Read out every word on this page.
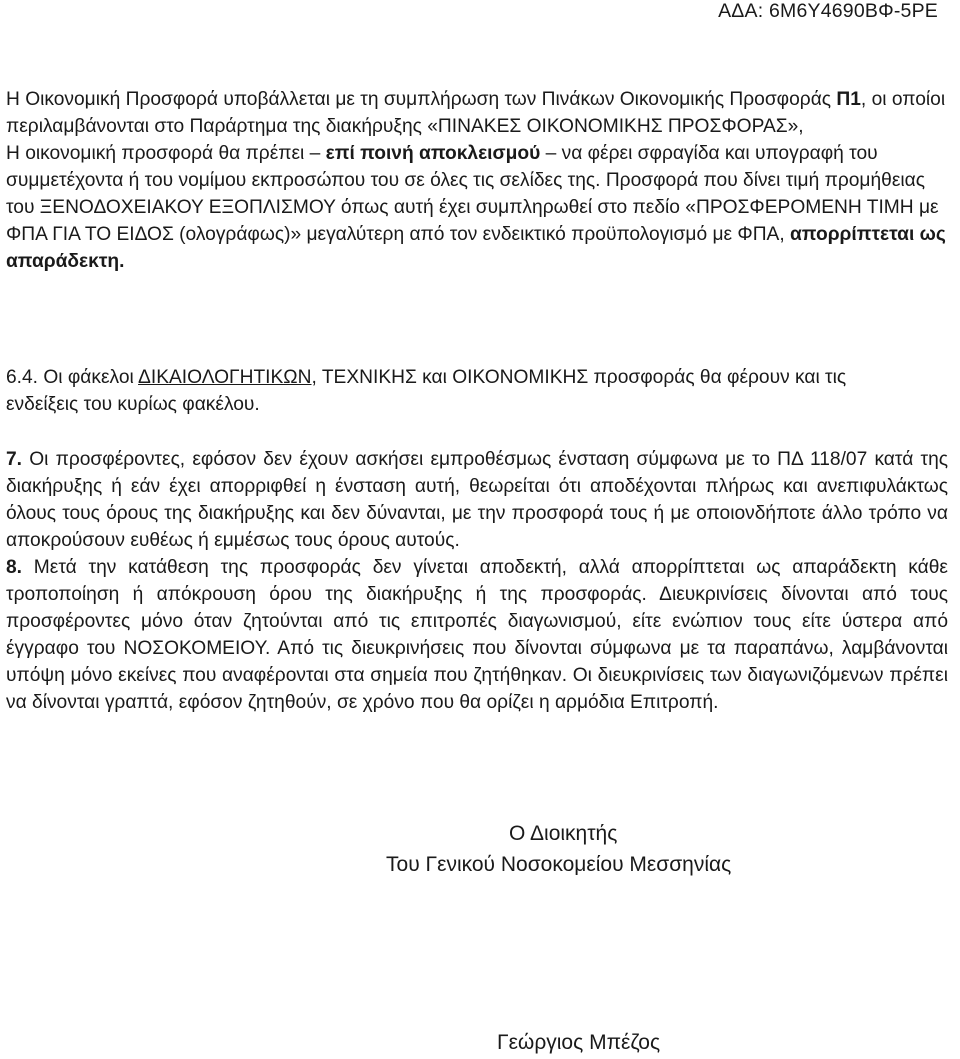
ΑΔΑ: 6Μ6Υ4690ΒΦ-5ΡΕ

Η Οικονομική Προσφορά υποβάλλεται με τη συμπλήρωση των Πινάκων Οικονομικής Προσφοράς Π1, οι οποίοι περιλαμβάνονται στο Παράρτημα της διακήρυξης «ΠΙΝΑΚΕΣ ΟΙΚΟΝΟΜΙΚΗΣ ΠΡΟΣΦΟΡΑΣ»,
Η οικονομική προσφορά θα πρέπει – επί ποινή αποκλεισμού – να φέρει σφραγίδα και υπογραφή του συμμετέχοντα ή του νομίμου εκπροσώπου του σε όλες τις σελίδες της. Προσφορά που δίνει τιμή προμήθειας του ΞΕΝΟΔΟΧΕΙΑΚΟΥ ΕΞΟΠΛΙΣΜΟΥ όπως αυτή έχει συμπληρωθεί στο πεδίο «ΠΡΟΣΦΕΡΟΜΕΝΗ ΤΙΜΗ με ΦΠΑ ΓΙΑ ΤΟ ΕΙΔΟΣ (ολογράφως)» μεγαλύτερη από τον ενδεικτικό προϋπολογισμό με ΦΠΑ, απορρίπτεται ως απαράδεκτη.

6.4. Οι φάκελοι ΔΙΚΑΙΟΛΟΓΗΤΙΚΩΝ, ΤΕΧΝΙΚΗΣ και ΟΙΚΟΝΟΜΙΚΗΣ προσφοράς θα φέρουν και τις ενδείξεις του κυρίως φακέλου.

7. Οι προσφέροντες, εφόσον δεν έχουν ασκήσει εμπροθέσμως ένσταση σύμφωνα με το ΠΔ 118/07 κατά της διακήρυξης ή εάν έχει απορριφθεί η ένσταση αυτή, θεωρείται ότι αποδέχονται πλήρως και ανεπιφυλάκτως όλους τους όρους της διακήρυξης και δεν δύνανται, με την προσφορά τους ή με οποιονδήποτε άλλο τρόπο να αποκρούσουν ευθέως ή εμμέσως τους όρους αυτούς.
8. Μετά την κατάθεση της προσφοράς δεν γίνεται αποδεκτή, αλλά απορρίπτεται ως απαράδεκτη κάθε τροποποίηση ή απόκρουση όρου της διακήρυξης ή της προσφοράς. Διευκρινίσεις δίνονται από τους προσφέροντες μόνο όταν ζητούνται από τις επιτροπές διαγωνισμού, είτε ενώπιον τους είτε ύστερα από έγγραφο του ΝΟΣΟΚΟΜΕΙΟΥ. Από τις διευκρινήσεις που δίνονται σύμφωνα με τα παραπάνω, λαμβάνονται υπόψη μόνο εκείνες που αναφέρονται στα σημεία που ζητήθηκαν. Οι διευκρινίσεις των διαγωνιζόμενων πρέπει να δίνονται γραπτά, εφόσον ζητηθούν, σε χρόνο που θα ορίζει η αρμόδια Επιτροπή.

Ο Διοικητής
Του Γενικού Νοσοκομείου Μεσσηνίας
Γεώργιος Μπέζος
